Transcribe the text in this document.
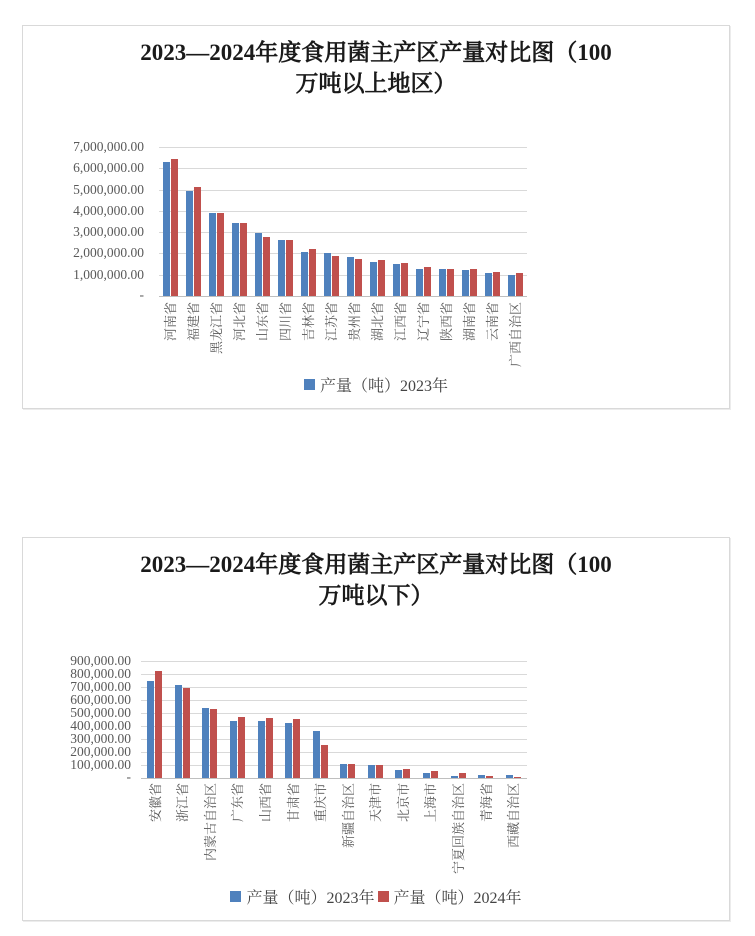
2023—2024年度食用菌主产区产量对比图（100
万吨以上地区）
产量（吨）2023年
7,000,000.00
6,000,000.00
5,000,000.00
4,000,000.00
3,000,000.00
2,000,000.00
1,000,000.00
-
河南省 福建省 黑龙江省 河北省 山东省 四川省 吉林省 江苏省 贵州省 湖北省 江西省 辽宁省 陕西省 湖南省 云南省 广西自治区
2023—2024年度食用菌主产区产量对比图（100
万吨以下）
产量（吨）2023年 产量（吨）2024年
900,000.00
800,000.00
700,000.00
600,000.00
500,000.00
400,000.00
300,000.00
200,000.00
100,000.00
-
安徽省 浙江省 内蒙古自治区 广东省 山西省 甘肃省 重庆市 新疆自治区 天津市 北京市 上海市 宁夏回族自治区 青海省 西藏自治区
